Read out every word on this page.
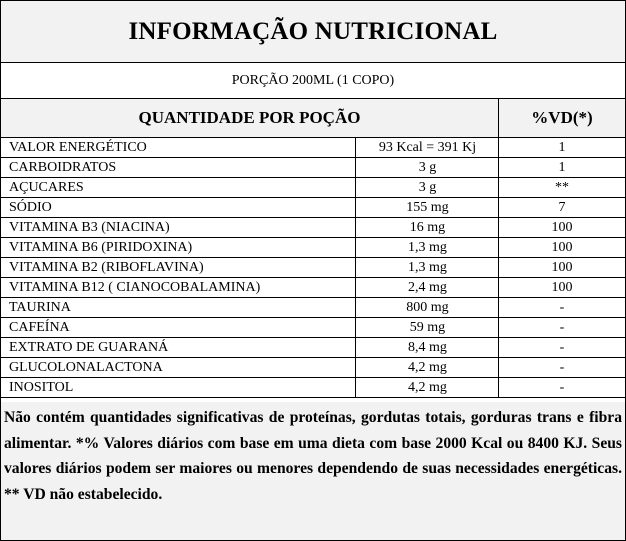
INFORMAÇÃO NUTRICIONAL
PORÇÃO 200ML (1 COPO)
QUANTIDADE POR POÇÃO	%VD(*)
VALOR ENERGÉTICO	93 Kcal = 391 Kj	1
CARBOIDRATOS	3 g	1
AÇUCARES	3 g	**
SÓDIO	155 mg	7
VITAMINA B3 (NIACINA)	16 mg	100
VITAMINA B6 (PIRIDOXINA)	1,3 mg	100
VITAMINA B2 (RIBOFLAVINA)	1,3 mg	100
VITAMINA B12 ( CIANOCOBALAMINA)	2,4 mg	100
TAURINA	800 mg	-
CAFEÍNA	59 mg	-
EXTRATO DE GUARANÁ	8,4 mg	-
GLUCOLONALACTONA	4,2 mg	-
INOSITOL	4,2 mg	-
Não contém quantidades significativas de proteínas, gordutas totais, gorduras trans e fibra alimentar. *% Valores diários com base em uma dieta com base 2000 Kcal ou 8400 KJ. Seus valores diários podem ser maiores ou menores dependendo de suas necessidades energéticas. ** VD não estabelecido.
